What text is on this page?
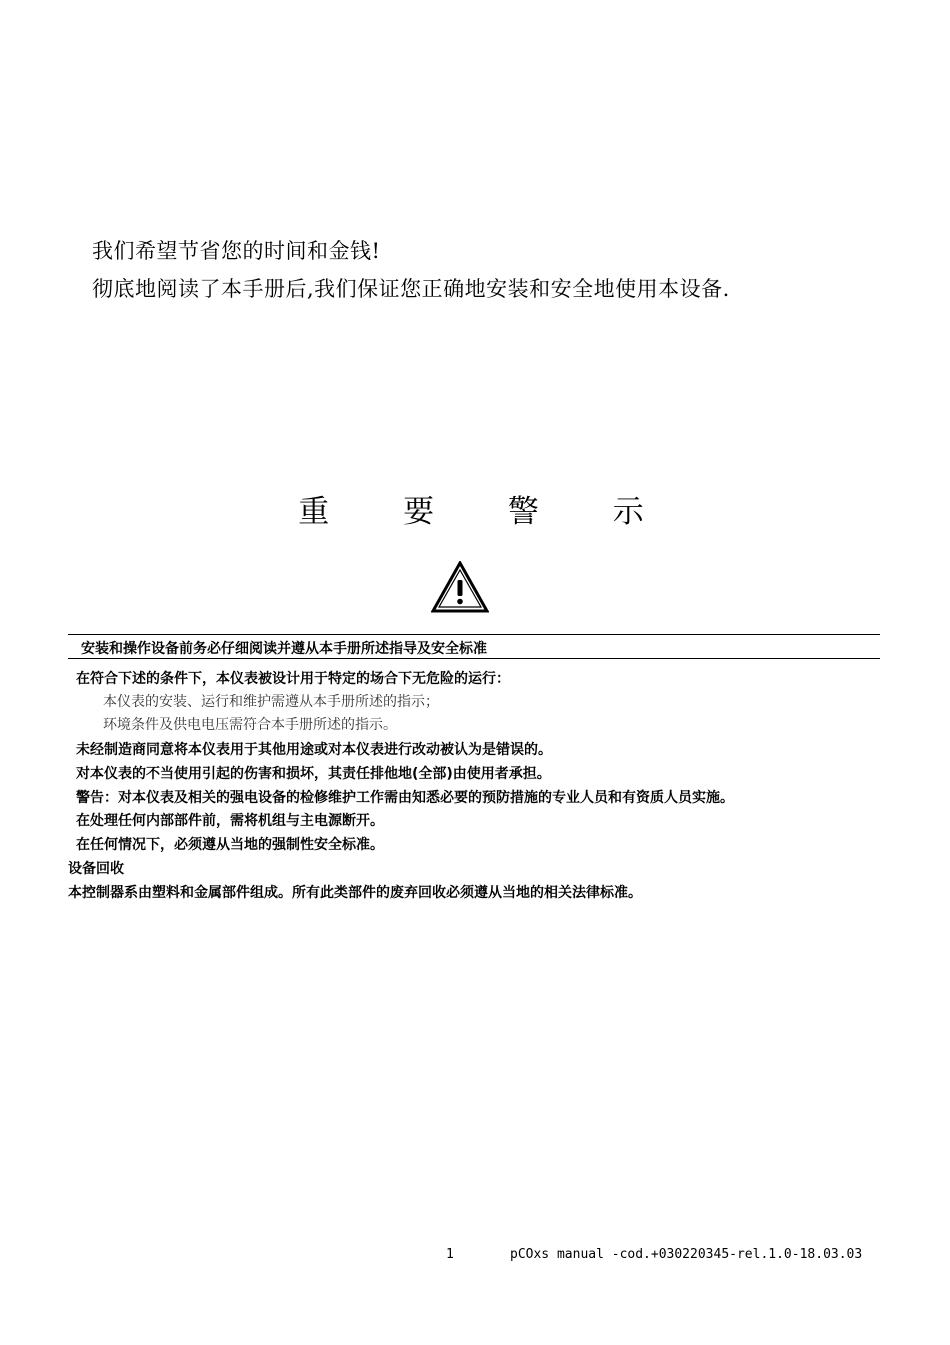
我们希望节省您的时间和金钱!
彻底地阅读了本手册后,我们保证您正确地安装和安全地使用本设备.
重 要 警 示
安装和操作设备前务必仔细阅读并遵从本手册所述指导及安全标准
在符合下述的条件下，本仪表被设计用于特定的场合下无危险的运行：
本仪表的安装、运行和维护需遵从本手册所述的指示；
环境条件及供电电压需符合本手册所述的指示。
未经制造商同意将本仪表用于其他用途或对本仪表进行改动被认为是错误的。
对本仪表的不当使用引起的伤害和损坏，其责任排他地(全部)由使用者承担。
警告：对本仪表及相关的强电设备的检修维护工作需由知悉必要的预防措施的专业人员和有资质人员实施。
在处理任何内部部件前，需将机组与主电源断开。
在任何情况下，必须遵从当地的强制性安全标准。
设备回收
本控制器系由塑料和金属部件组成。所有此类部件的废弃回收必须遵从当地的相关法律标准。
1	pCOxs manual -cod.+030220345-rel.1.0-18.03.03
